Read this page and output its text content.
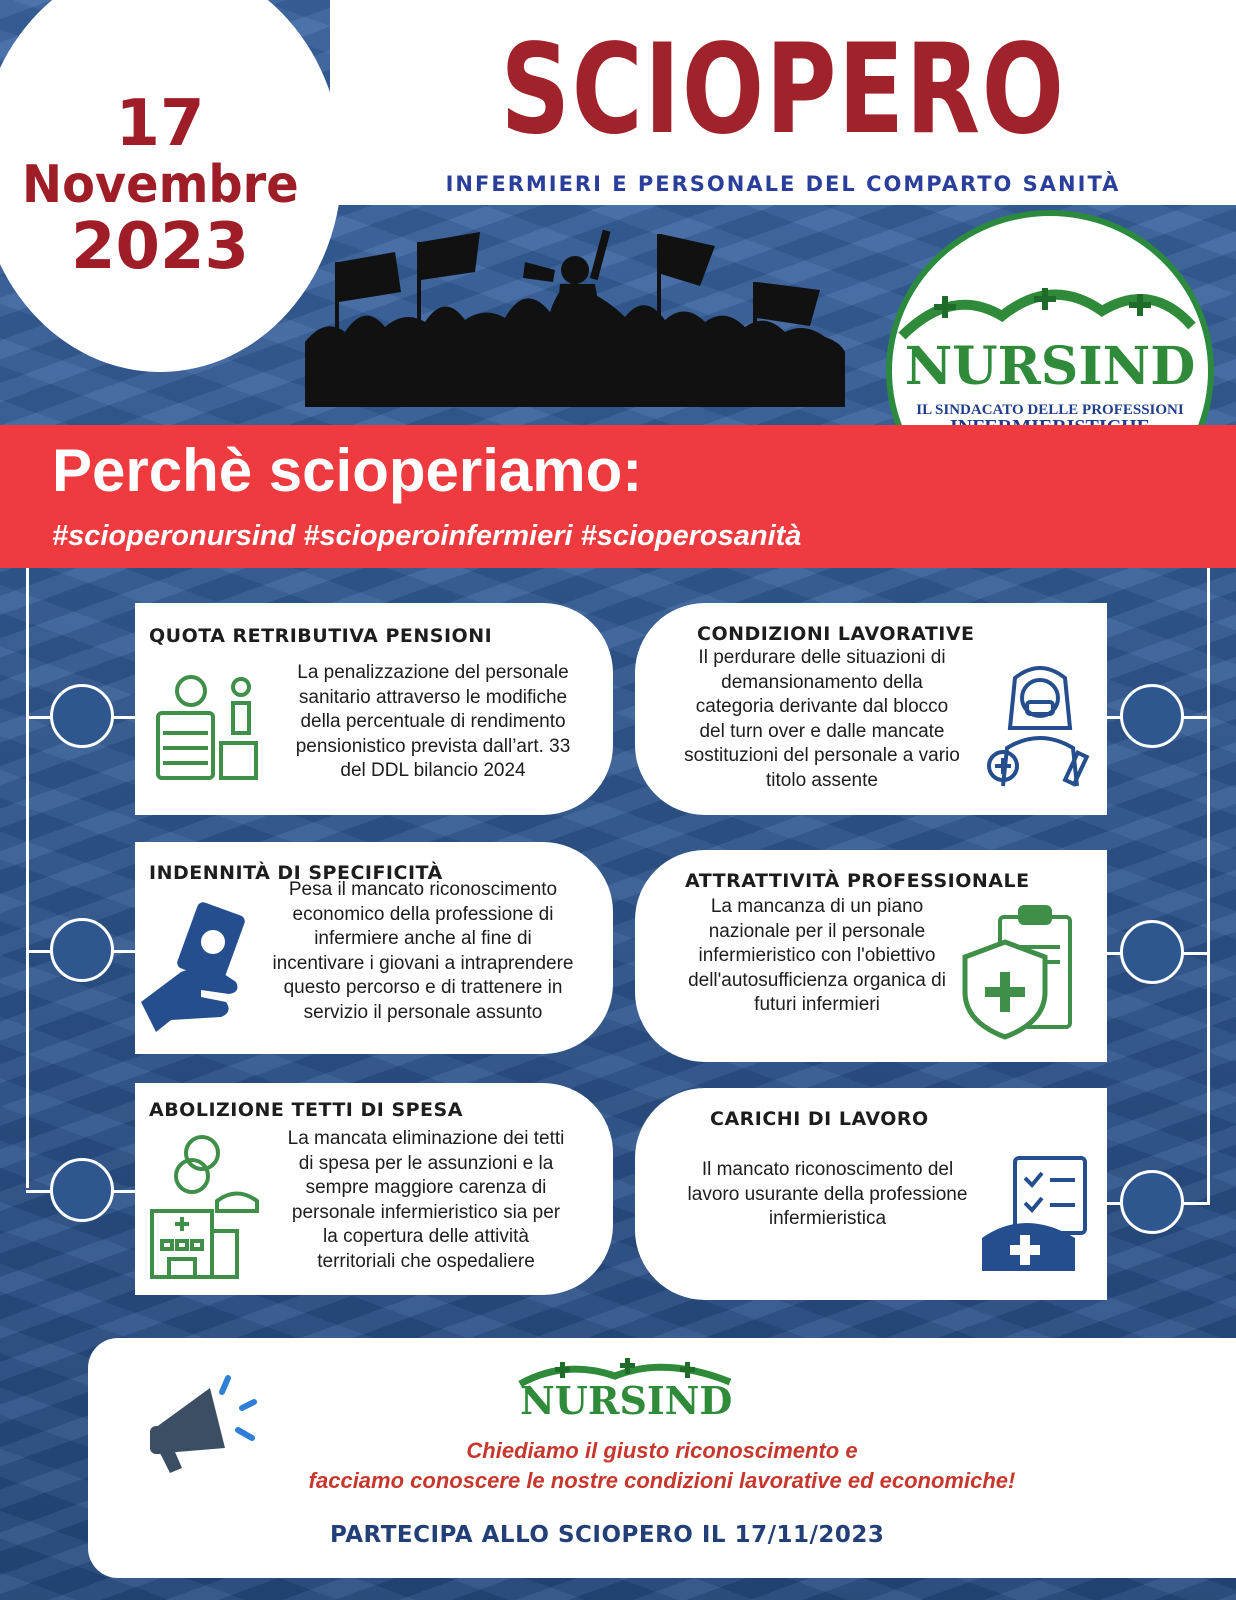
17
Novembre
2023
SCIOPERO
INFERMIERI E PERSONALE DEL COMPARTO SANITÀ
NURSIND
IL SINDACATO DELLE PROFESSIONI
Perchè scioperiamo:
#scioperonursind #scioperoinfermieri #scioperosanità
QUOTA RETRIBUTIVA PENSIONI
La penalizzazione del personale
sanitario attraverso le modifiche
della percentuale di rendimento
pensionistico prevista dall’art. 33
del DDL bilancio 2024
CONDIZIONI LAVORATIVE
Il perdurare delle situazioni di
demansionamento della
categoria derivante dal blocco
del turn over e dalle mancate
sostituzioni del personale a vario
titolo assente
INDENNITÀ DI SPECIFICITÀ
Pesa il mancato riconoscimento
economico della professione di
infermiere anche al fine di
incentivare i giovani a intraprendere
questo percorso e di trattenere in
servizio il personale assunto
ATTRATTIVITÀ PROFESSIONALE
La mancanza di un piano
nazionale per il personale
infermieristico con l'obiettivo
dell'autosufficienza organica di
futuri infermieri
ABOLIZIONE TETTI DI SPESA
La mancata eliminazione dei tetti
di spesa per le assunzioni e la
sempre maggiore carenza di
personale infermieristico sia per
la copertura delle attività
territoriali che ospedaliere
CARICHI DI LAVORO
Il mancato riconoscimento del
lavoro usurante della professione
infermieristica
NURSIND
Chiediamo il giusto riconoscimento e
facciamo conoscere le nostre condizioni lavorative ed economiche!
PARTECIPA ALLO SCIOPERO IL 17/11/2023
